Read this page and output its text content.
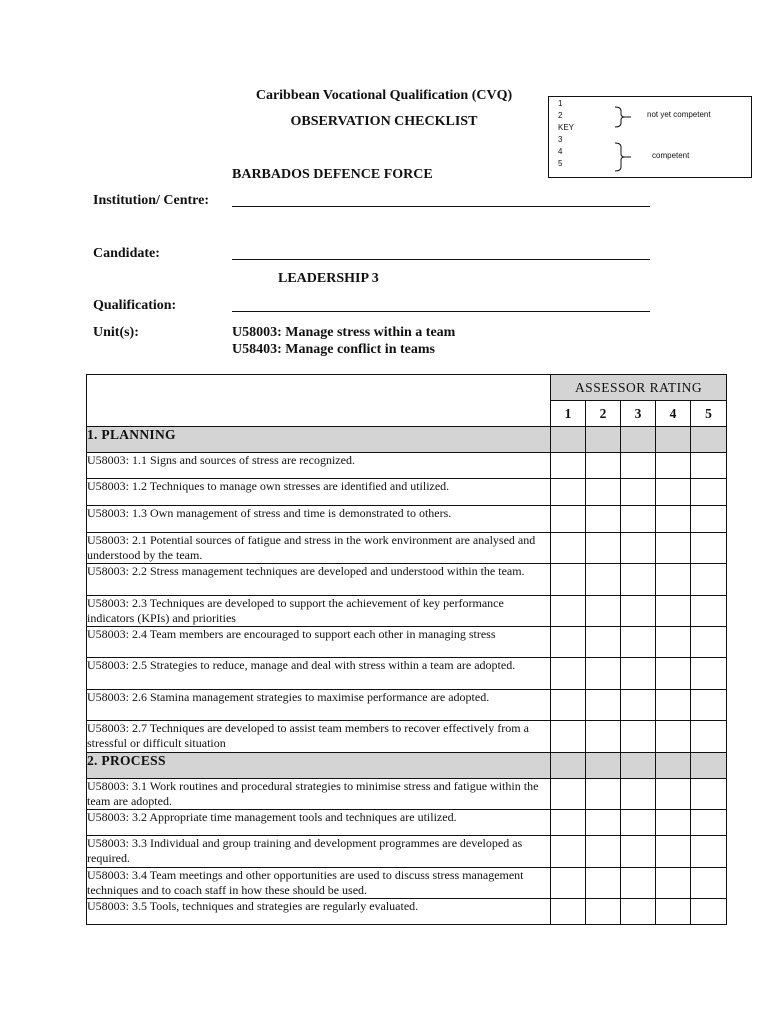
Caribbean Vocational Qualification (CVQ)
OBSERVATION CHECKLIST
1
2
KEY
3
4
5
not yet competent
competent
BARBADOS DEFENCE FORCE
Institution/ Centre:
Candidate:
LEADERSHIP 3
Qualification:
Unit(s):	U58003: Manage stress within a team
U58403: Manage conflict in teams
	ASSESSOR RATING				
	1	2	3	4	5
1. PLANNING					
U58003: 1.1 Signs and sources of stress are recognized.					
U58003: 1.2 Techniques to manage own stresses are identified and utilized.					
U58003: 1.3 Own management of stress and time is demonstrated to others.					
U58003: 2.1 Potential sources of fatigue and stress in the work environment are analysed and understood by the team.					
U58003: 2.2 Stress management techniques are developed and understood within the team.					
U58003: 2.3 Techniques are developed to support the achievement of key performance indicators (KPIs) and priorities					
U58003: 2.4 Team members are encouraged to support each other in managing stress					
U58003: 2.5 Strategies to reduce, manage and deal with stress within a team are adopted.					
U58003: 2.6 Stamina management strategies to maximise performance are adopted.					
U58003: 2.7 Techniques are developed to assist team members to recover effectively from a stressful or difficult situation					
2. PROCESS					
U58003: 3.1 Work routines and procedural strategies to minimise stress and fatigue within the team are adopted.					
U58003: 3.2 Appropriate time management tools and techniques are utilized.					
U58003: 3.3 Individual and group training and development programmes are developed as required.					
U58003: 3.4 Team meetings and other opportunities are used to discuss stress management techniques and to coach staff in how these should be used.					
U58003: 3.5 Tools, techniques and strategies are regularly evaluated.					
